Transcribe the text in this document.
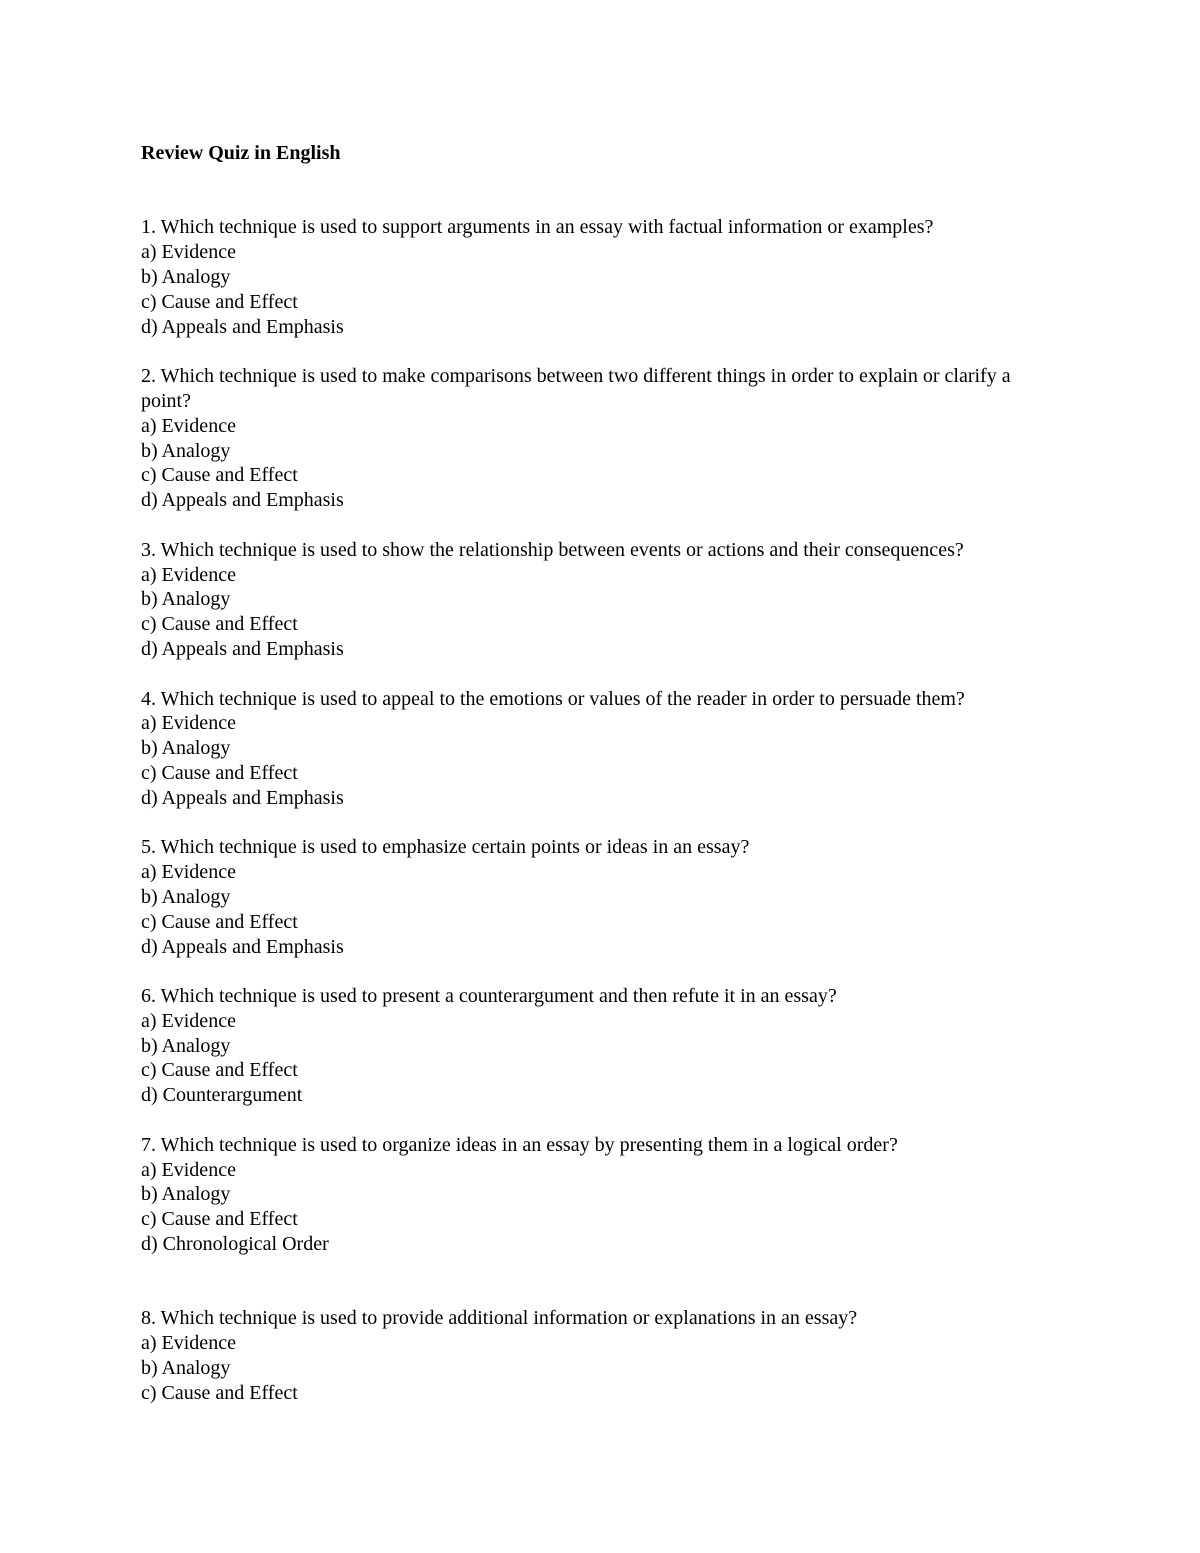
Review Quiz in English

1. Which technique is used to support arguments in an essay with factual information or examples?
a) Evidence
b) Analogy
c) Cause and Effect
d) Appeals and Emphasis
2. Which technique is used to make comparisons between two different things in order to explain or clarify a point?
a) Evidence
b) Analogy
c) Cause and Effect
d) Appeals and Emphasis
3. Which technique is used to show the relationship between events or actions and their consequences?
a) Evidence
b) Analogy
c) Cause and Effect
d) Appeals and Emphasis
4. Which technique is used to appeal to the emotions or values of the reader in order to persuade them?
a) Evidence
b) Analogy
c) Cause and Effect
d) Appeals and Emphasis
5. Which technique is used to emphasize certain points or ideas in an essay?
a) Evidence
b) Analogy
c) Cause and Effect
d) Appeals and Emphasis
6. Which technique is used to present a counterargument and then refute it in an essay?
a) Evidence
b) Analogy
c) Cause and Effect
d) Counterargument
7. Which technique is used to organize ideas in an essay by presenting them in a logical order?
a) Evidence
b) Analogy
c) Cause and Effect
d) Chronological Order
8. Which technique is used to provide additional information or explanations in an essay?
a) Evidence
b) Analogy
c) Cause and Effect
